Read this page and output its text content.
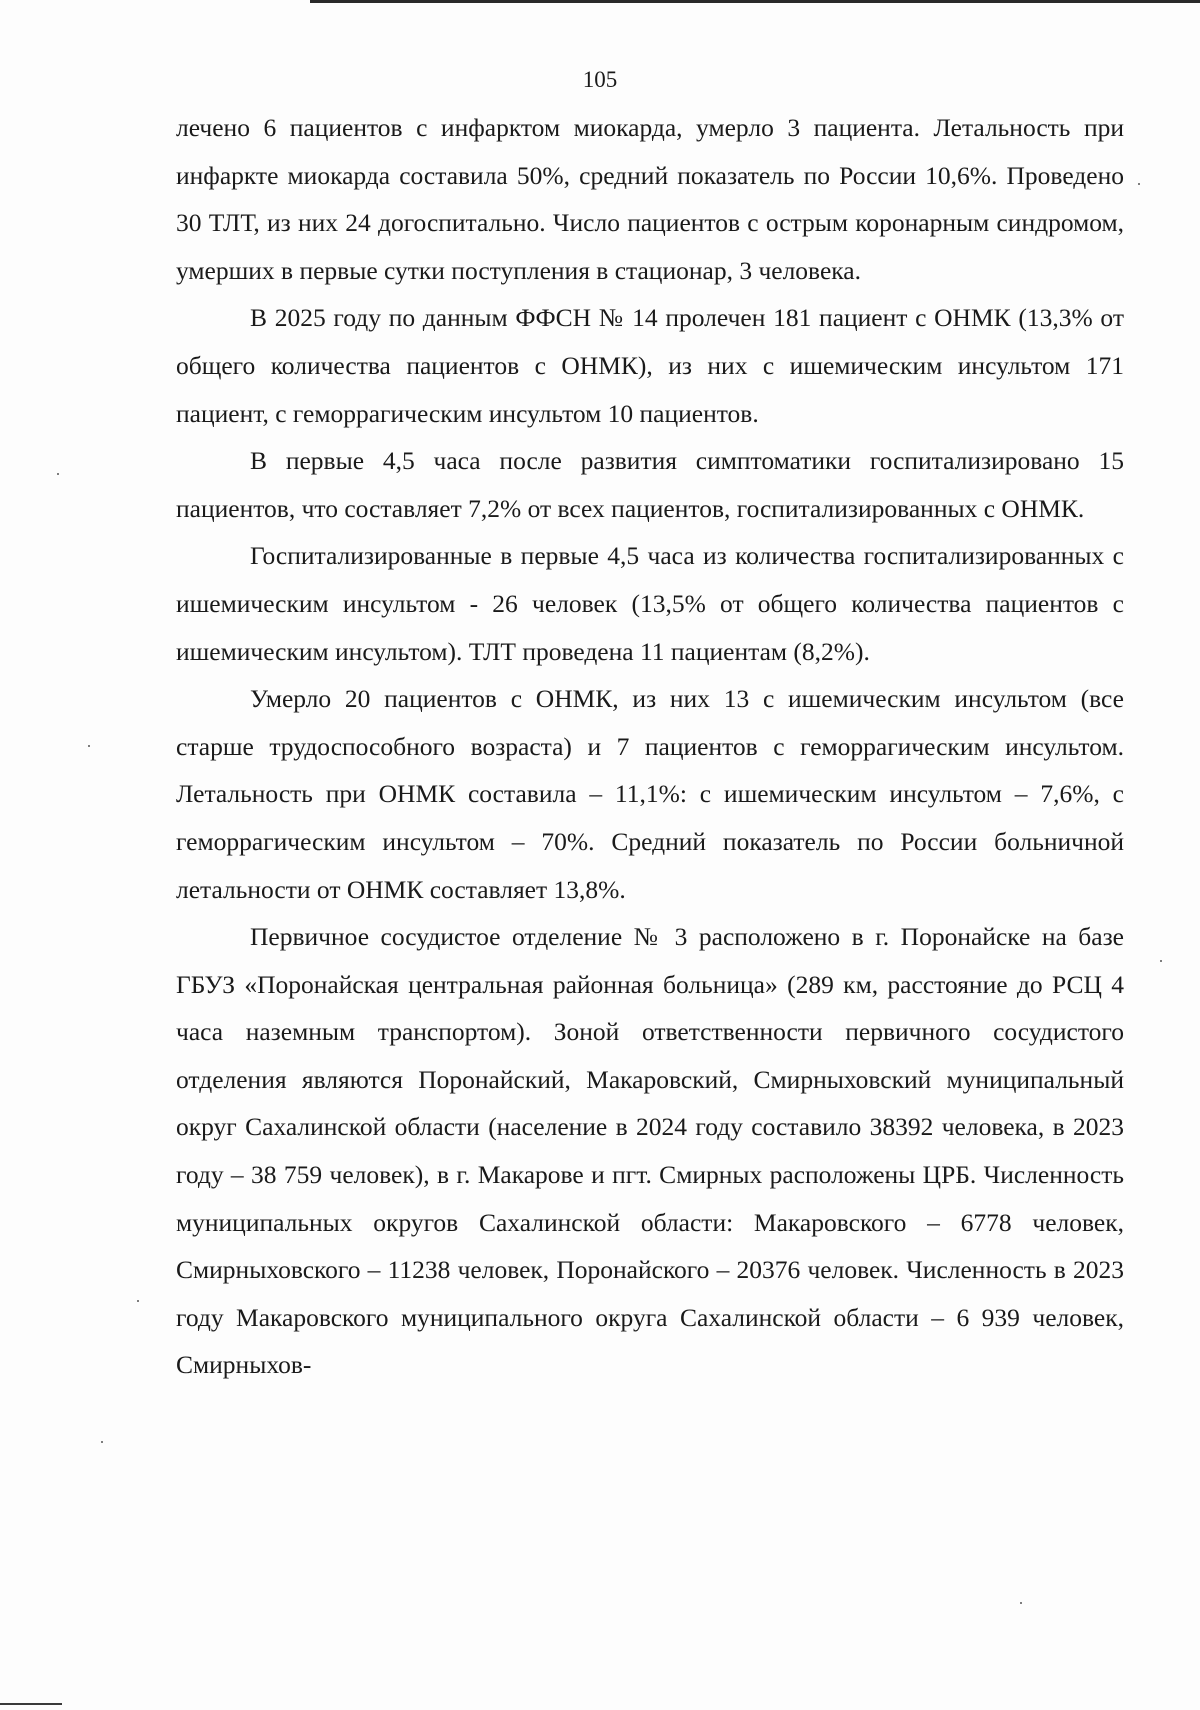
105

лечено 6 пациентов с инфарктом миокарда, умерло 3 пациента. Летальность при инфаркте миокарда составила 50%, средний показатель по России 10,6%. Проведено 30 ТЛТ, из них 24 догоспитально. Число пациентов с острым коронарным синдромом, умерших в первые сутки поступления в стационар, 3 человека.

В 2025 году по данным ФФСН № 14 пролечен 181 пациент с ОНМК (13,3% от общего количества пациентов с ОНМК), из них с ишемическим инсультом 171 пациент, с геморрагическим инсультом 10 пациентов.

В первые 4,5 часа после развития симптоматики госпитализировано 15 пациентов, что составляет 7,2% от всех пациентов, госпитализированных с ОНМК.

Госпитализированные в первые 4,5 часа из количества госпитализированных с ишемическим инсультом - 26 человек (13,5% от общего количества пациентов с ишемическим инсультом). ТЛТ проведена 11 пациентам (8,2%).

Умерло 20 пациентов с ОНМК, из них 13 с ишемическим инсультом (все старше трудоспособного возраста) и 7 пациентов с геморрагическим инсультом. Летальность при ОНМК составила – 11,1%: с ишемическим инсультом – 7,6%, с геморрагическим инсультом – 70%. Средний показатель по России больничной летальности от ОНМК составляет 13,8%.

Первичное сосудистое отделение № 3 расположено в г. Поронайске на базе ГБУЗ «Поронайская центральная районная больница» (289 км, расстояние до РСЦ 4 часа наземным транспортом). Зоной ответственности первичного сосудистого отделения являются Поронайский, Макаровский, Смирныховский муниципальный округ Сахалинской области (население в 2024 году составило 38392 человека, в 2023 году – 38 759 человек), в г. Макарове и пгт. Смирных расположены ЦРБ. Численность муниципальных округов Сахалинской области: Макаровского – 6778 человек, Смирныховского – 11238 человек, Поронайского – 20376 человек. Численность в 2023 году Макаровского муниципального округа Сахалинской области – 6 939 человек, Смирныхов-
